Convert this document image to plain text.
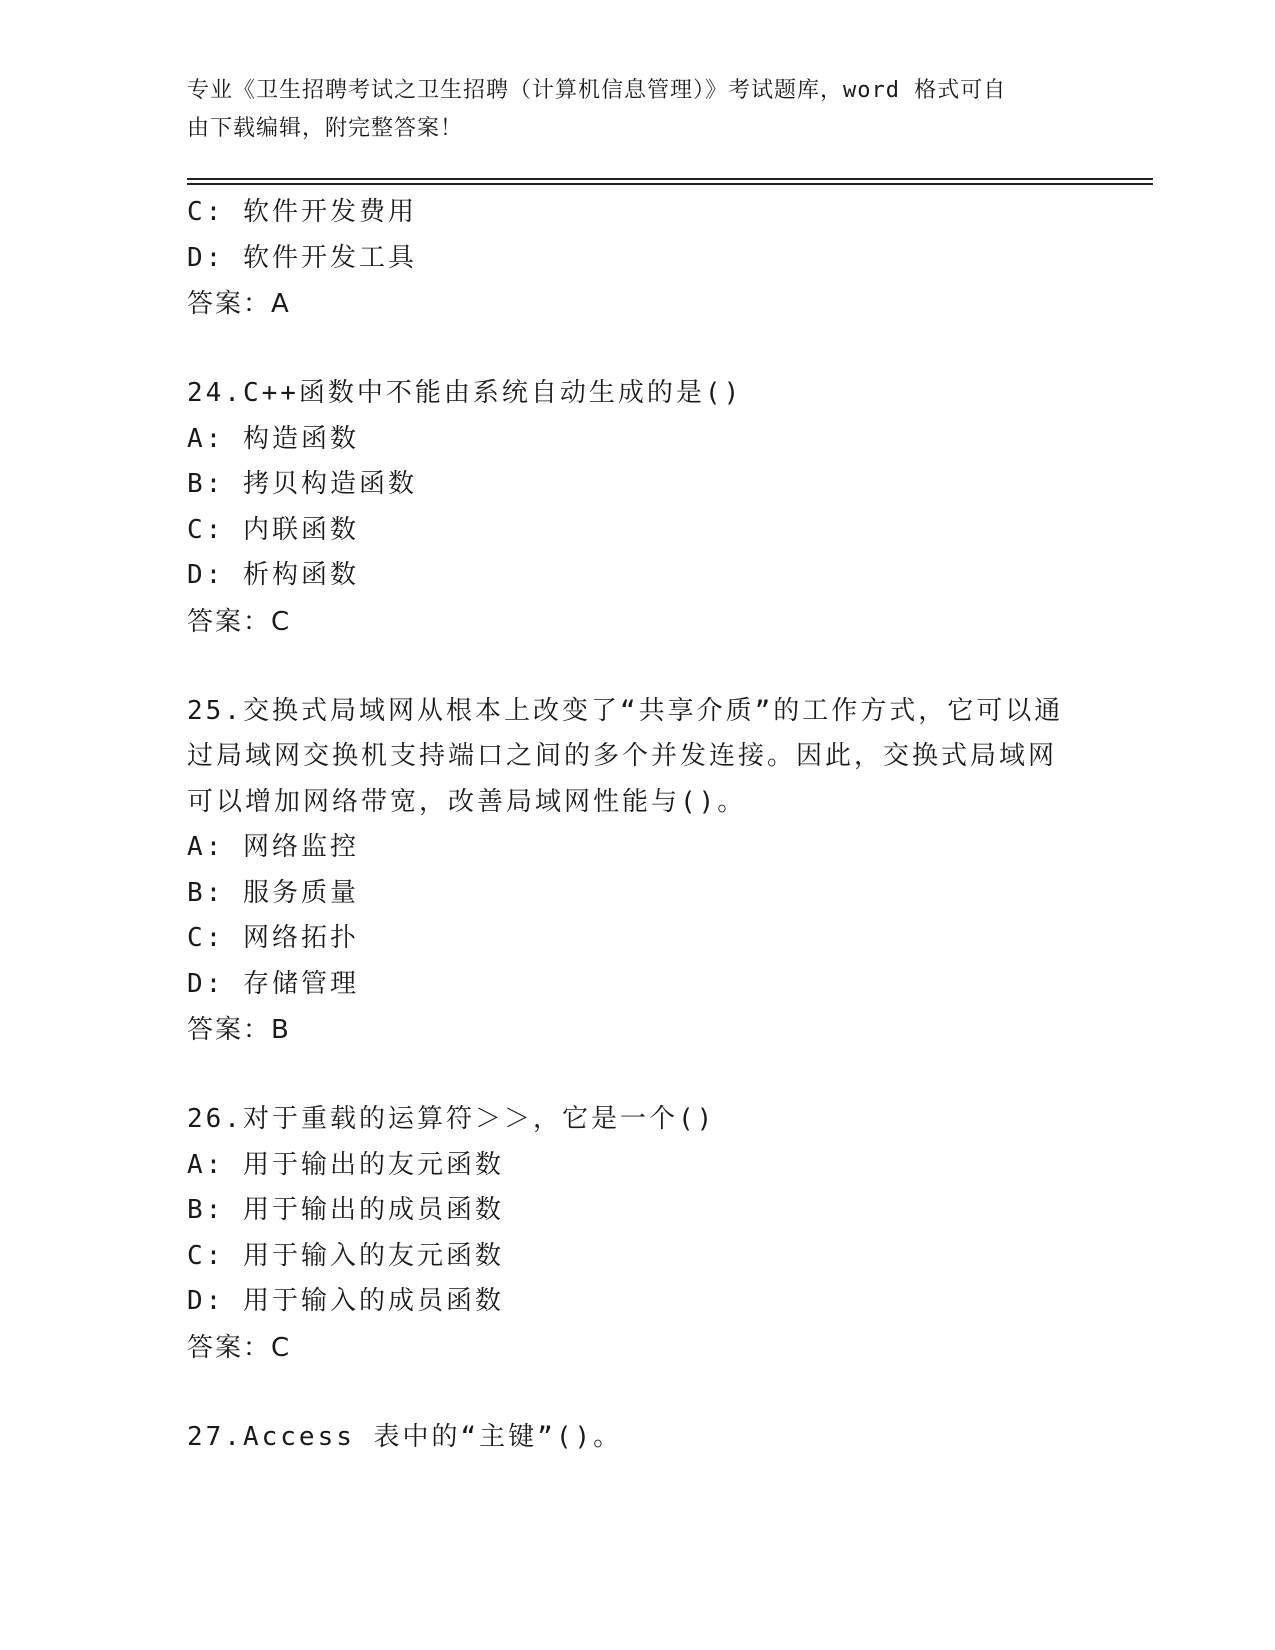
专业《卫生招聘考试之卫生招聘（计算机信息管理）》考试题库，word 格式可自
由下载编辑，附完整答案！
C: 软件开发费用
D: 软件开发工具
答案：A
24.C++函数中不能由系统自动生成的是()
A: 构造函数
B: 拷贝构造函数
C: 内联函数
D: 析构函数
答案：C
25.交换式局域网从根本上改变了“共享介质”的工作方式，它可以通
过局域网交换机支持端口之间的多个并发连接。因此，交换式局域网
可以增加网络带宽，改善局域网性能与()。
A: 网络监控
B: 服务质量
C: 网络拓扑
D: 存储管理
答案：B
26.对于重载的运算符＞＞，它是一个()
A: 用于输出的友元函数
B: 用于输出的成员函数
C: 用于输入的友元函数
D: 用于输入的成员函数
答案：C
27.Access 表中的“主键”()。
